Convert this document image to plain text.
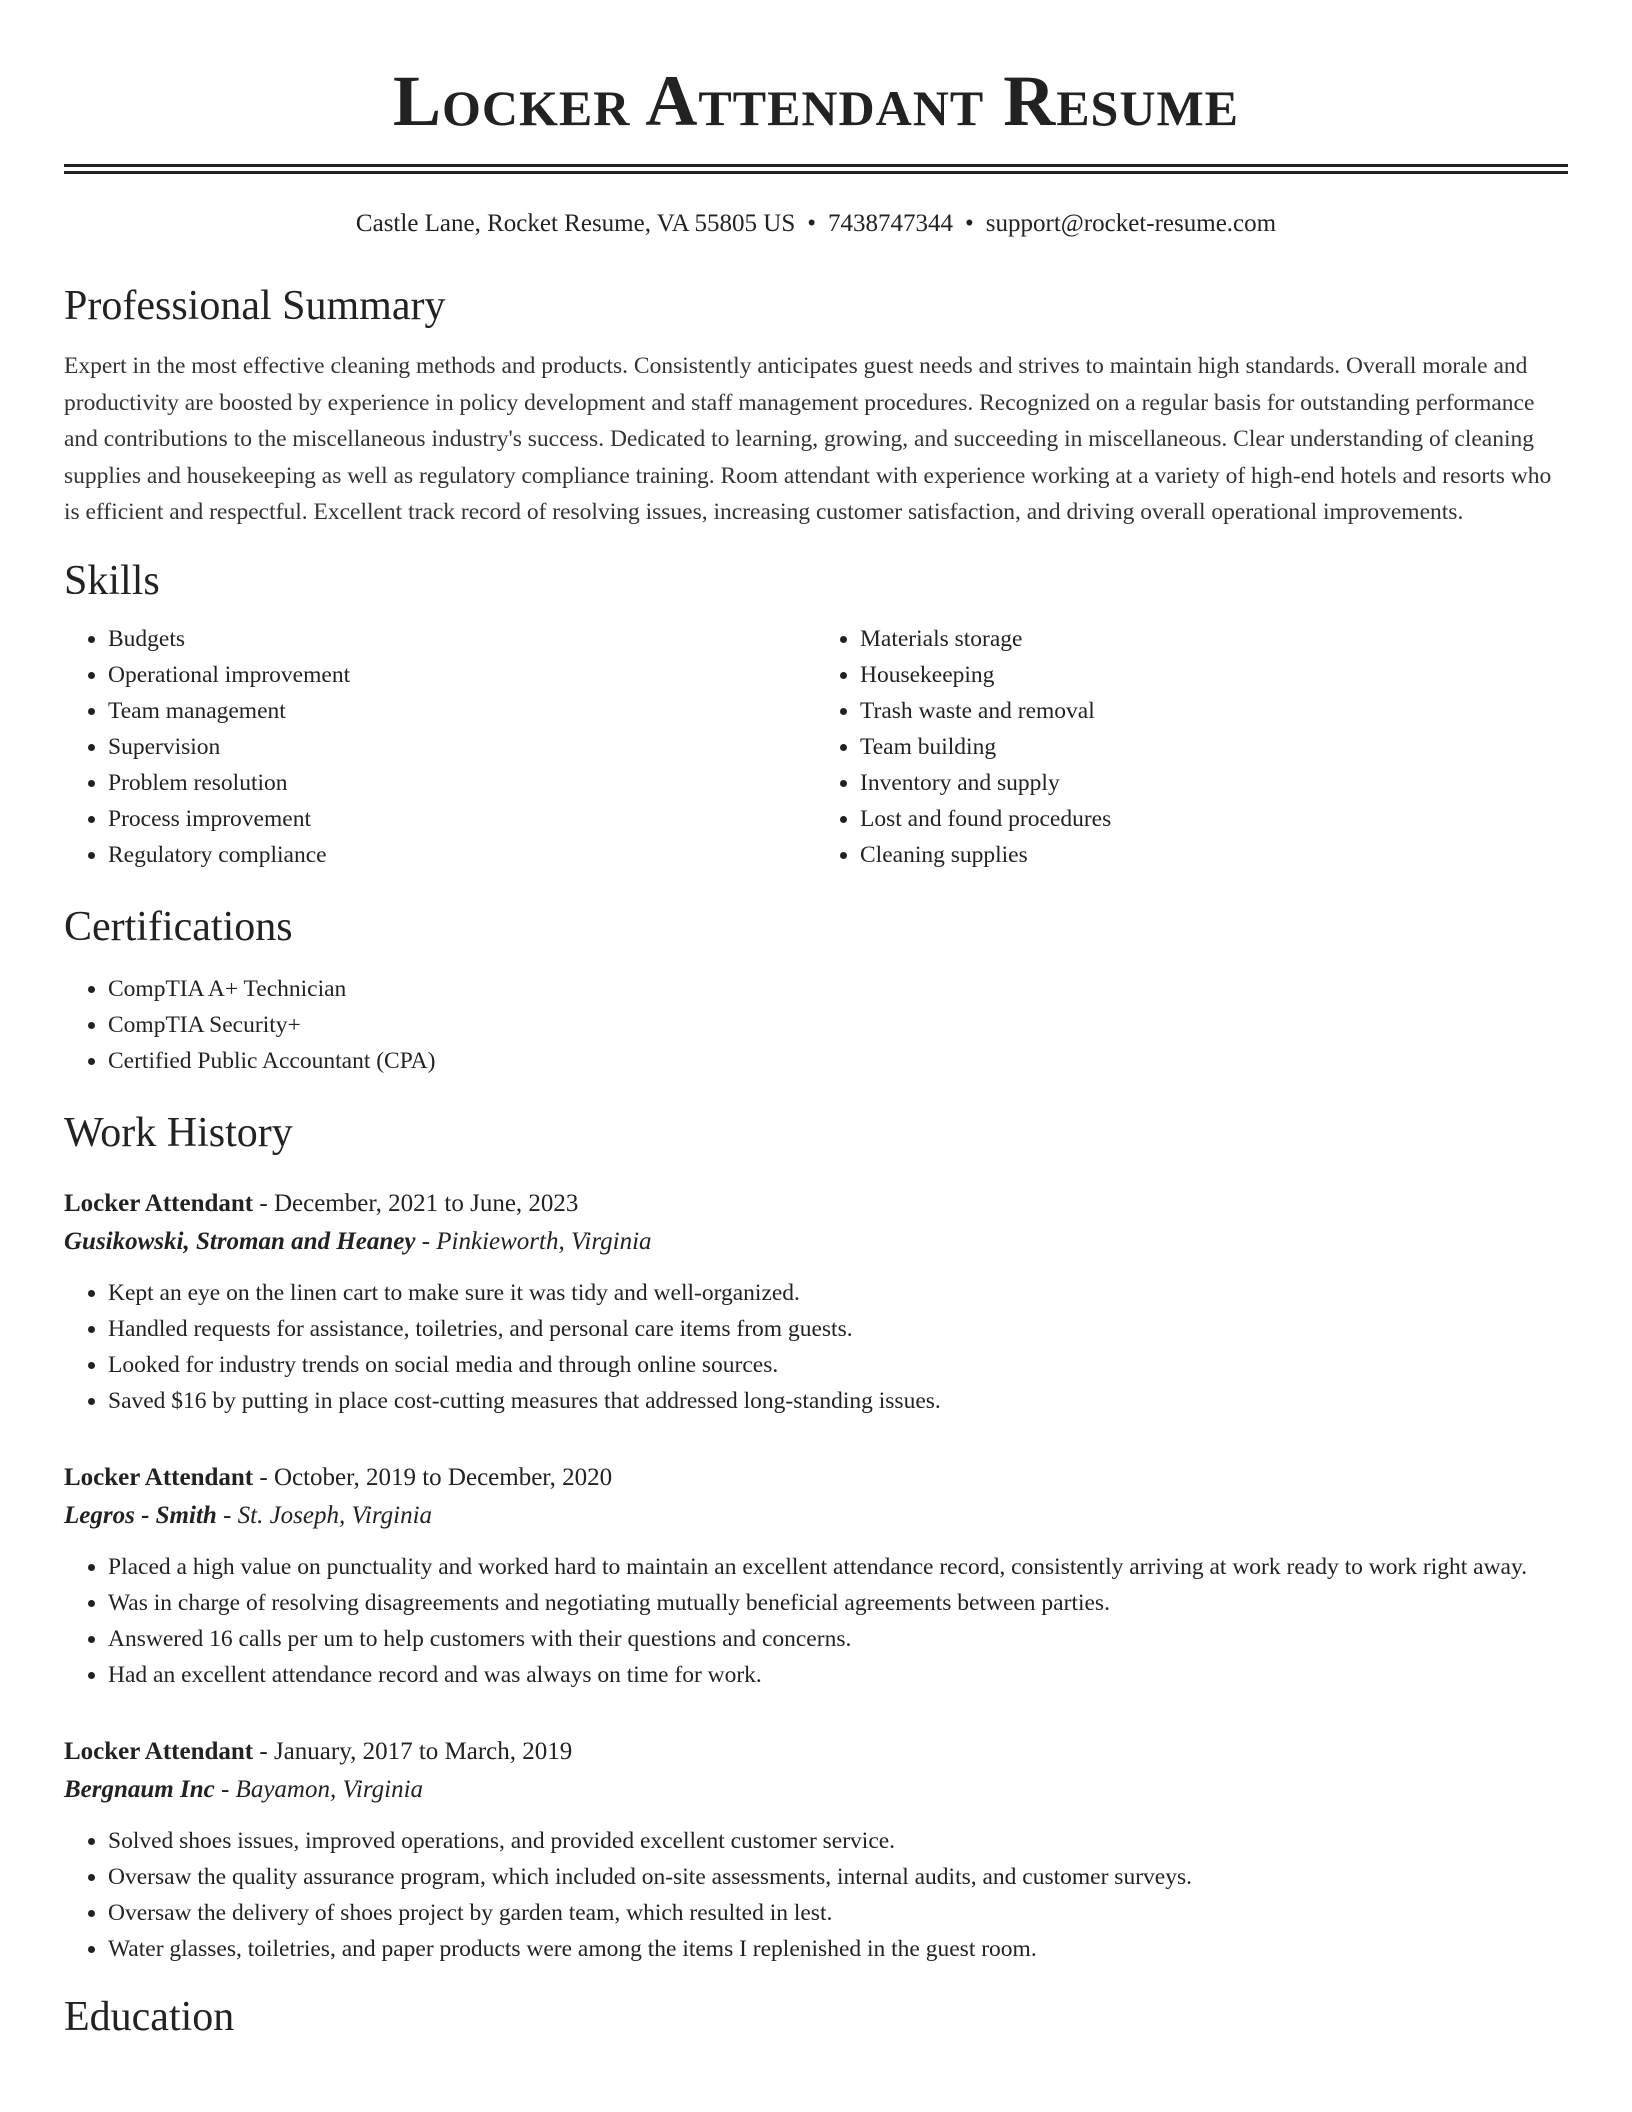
Locker Attendant Resume
Castle Lane, Rocket Resume, VA 55805 US • 7438747344 • support@rocket-resume.com
Professional Summary

Expert in the most effective cleaning methods and products. Consistently anticipates guest needs and strives to maintain high standards. Overall morale and productivity are boosted by experience in policy development and staff management procedures. Recognized on a regular basis for outstanding performance and contributions to the miscellaneous industry's success. Dedicated to learning, growing, and succeeding in miscellaneous. Clear understanding of cleaning supplies and housekeeping as well as regulatory compliance training. Room attendant with experience working at a variety of high-end hotels and resorts who is efficient and respectful. Excellent track record of resolving issues, increasing customer satisfaction, and driving overall operational improvements.

Skills
• Budgets
• Operational improvement
• Team management
• Supervision
• Problem resolution
• Process improvement
• Regulatory compliance
• Materials storage
• Housekeeping
• Trash waste and removal
• Team building
• Inventory and supply
• Lost and found procedures
• Cleaning supplies
Certifications
• CompTIA A+ Technician
• CompTIA Security+
• Certified Public Accountant (CPA)
Work History
Locker Attendant - December, 2021 to June, 2023
Gusikowski, Stroman and Heaney - Pinkieworth, Virginia
• Kept an eye on the linen cart to make sure it was tidy and well-organized.
• Handled requests for assistance, toiletries, and personal care items from guests.
• Looked for industry trends on social media and through online sources.
• Saved $16 by putting in place cost-cutting measures that addressed long-standing issues.
Locker Attendant - October, 2019 to December, 2020
Legros - Smith - St. Joseph, Virginia
• Placed a high value on punctuality and worked hard to maintain an excellent attendance record, consistently arriving at work ready to work right away.
• Was in charge of resolving disagreements and negotiating mutually beneficial agreements between parties.
• Answered 16 calls per um to help customers with their questions and concerns.
• Had an excellent attendance record and was always on time for work.
Locker Attendant - January, 2017 to March, 2019
Bergnaum Inc - Bayamon, Virginia
• Solved shoes issues, improved operations, and provided excellent customer service.
• Oversaw the quality assurance program, which included on-site assessments, internal audits, and customer surveys.
• Oversaw the delivery of shoes project by garden team, which resulted in lest.
• Water glasses, toiletries, and paper products were among the items I replenished in the guest room.
Education
